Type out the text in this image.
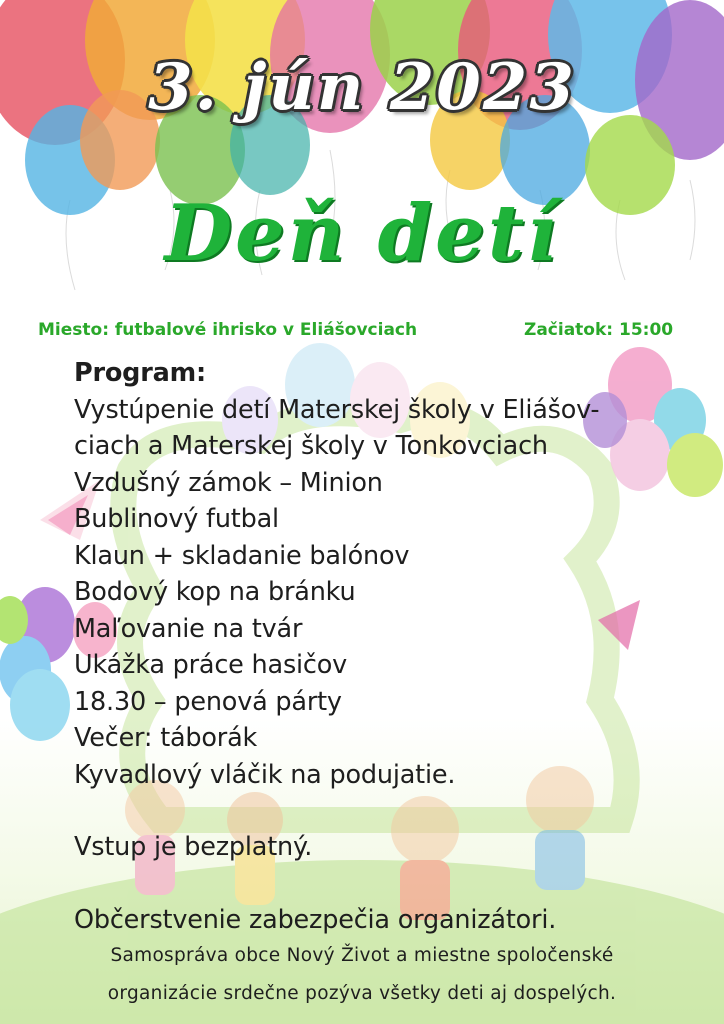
3. jún 2023
Deň detí
Miesto: futbalové ihrisko v Eliášovciach	Začiatok: 15:00
Program:
Vystúpenie detí Materskej školy v Eliášov-
ciach a Materskej školy v Tonkovciach
Vzdušný zámok – Minion
Bublinový futbal
Klaun + skladanie balónov
Bodový kop na bránku
Maľovanie na tvár
Ukážka práce hasičov
18.30 – penová párty
Večer: táborák
Kyvadlový vláčik na podujatie.
Vstup je bezplatný.
Občerstvenie zabezpečia organizátori.
Samospráva obce Nový Život a miestne spoločenské
organizácie srdečne pozýva všetky deti aj dospelých.
